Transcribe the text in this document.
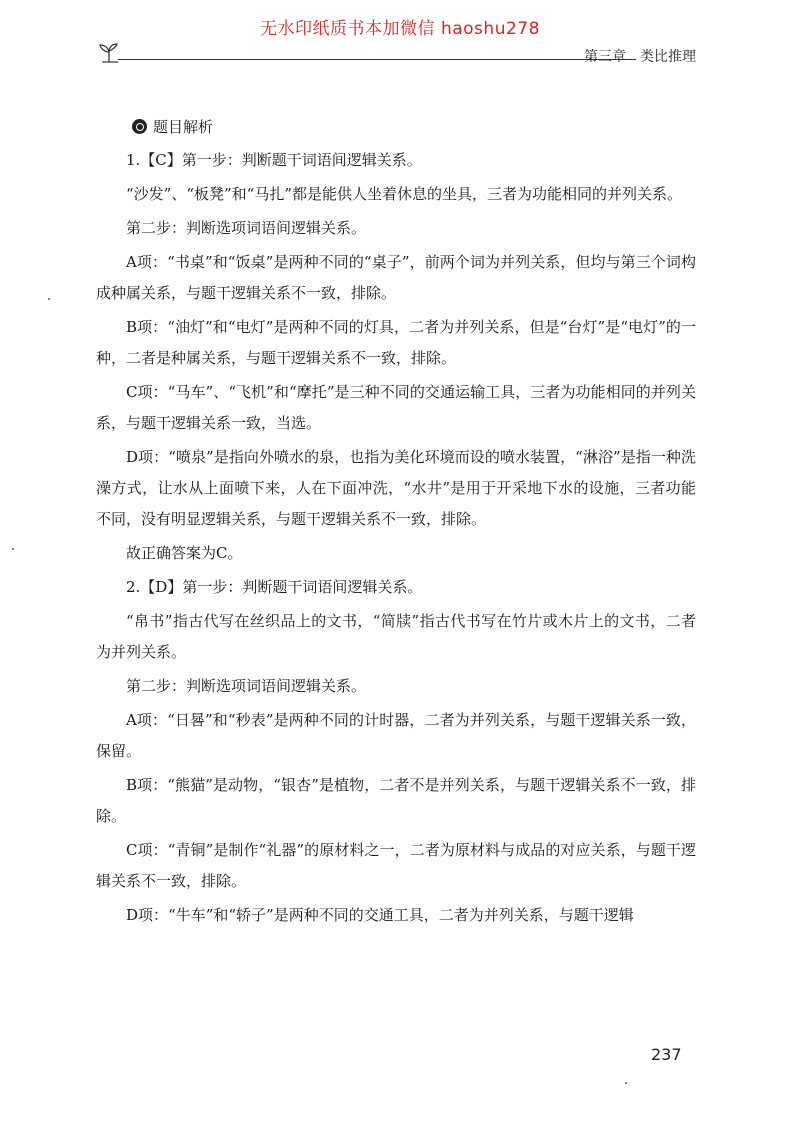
无水印纸质书本加微信 haoshu278
第三章 类比推理
题目解析

1.【C】第一步：判断题干词语间逻辑关系。

“沙发”、“板凳”和“马扎”都是能供人坐着休息的坐具，三者为功能相同的并列关系。

第二步：判断选项词语间逻辑关系。

A项：“书桌”和“饭桌”是两种不同的“桌子”，前两个词为并列关系，但均与第三个词构成种属关系，与题干逻辑关系不一致，排除。

B项：“油灯”和“电灯”是两种不同的灯具，二者为并列关系，但是“台灯”是“电灯”的一种，二者是种属关系，与题干逻辑关系不一致，排除。

C项：“马车”、“飞机”和“摩托”是三种不同的交通运输工具，三者为功能相同的并列关系，与题干逻辑关系一致，当选。

D项：“喷泉”是指向外喷水的泉，也指为美化环境而设的喷水装置，“淋浴”是指一种洗澡方式，让水从上面喷下来，人在下面冲洗，“水井”是用于开采地下水的设施，三者功能不同，没有明显逻辑关系，与题干逻辑关系不一致，排除。

故正确答案为C。

2.【D】第一步：判断题干词语间逻辑关系。

“帛书”指古代写在丝织品上的文书，“简牍”指古代书写在竹片或木片上的文书，二者为并列关系。

第二步：判断选项词语间逻辑关系。

A项：“日晷”和“秒表”是两种不同的计时器，二者为并列关系，与题干逻辑关系一致，保留。

B项：“熊猫”是动物，“银杏”是植物，二者不是并列关系，与题干逻辑关系不一致，排除。

C项：“青铜”是制作“礼器”的原材料之一，二者为原材料与成品的对应关系，与题干逻辑关系不一致，排除。

D项：“牛车”和“轿子”是两种不同的交通工具，二者为并列关系，与题干逻辑

237
